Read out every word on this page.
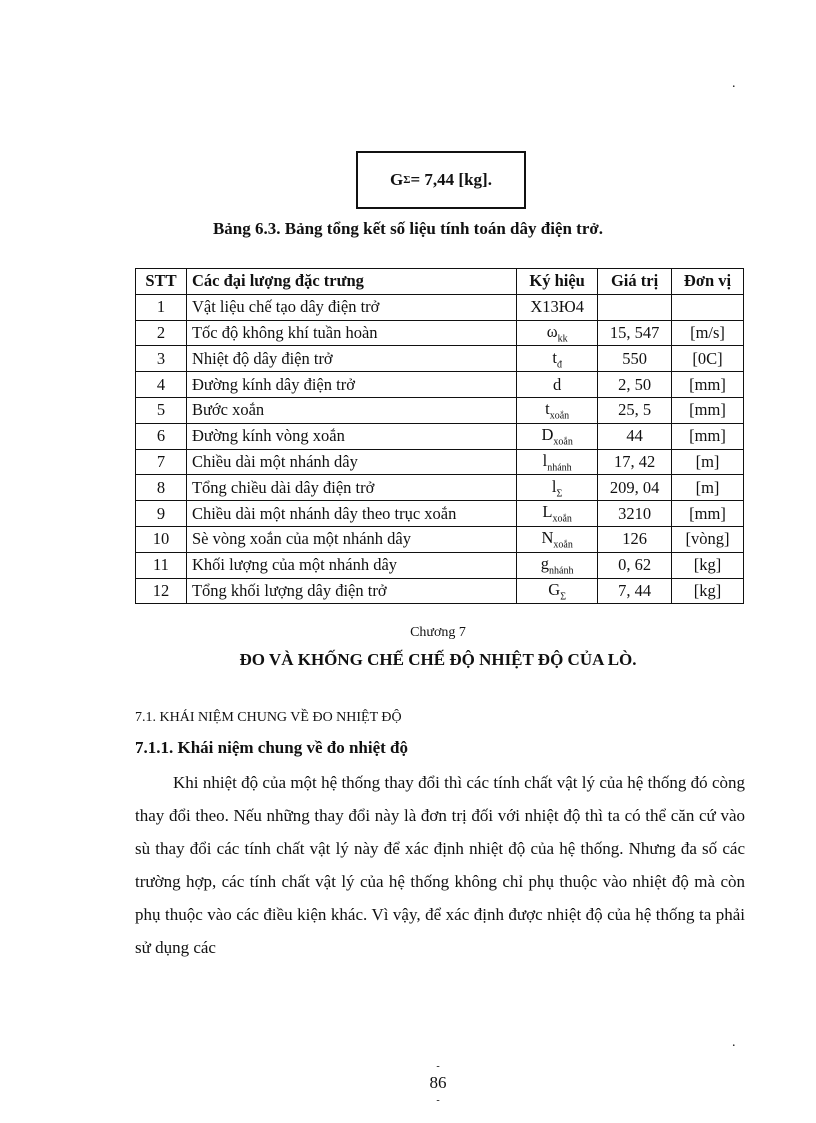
.
G Σ = 7,44 [kg].
Bảng 6.3. Bảng tổng kết số liệu tính toán dây điện trở.
STT	Các đại lượng đặc trưng	Ký hiệu	Giá trị	Đơn vị
1	Vật liệu chế tạo dây điện trở	X13Ю4		
2	Tốc độ không khí tuần hoàn	$\omega_{kk}$	15, 547	[m/s]
3	Nhiệt độ dây điện trở	$t_đ$	550	[0C]
4	Đường kính dây điện trở	d	2, 50	[mm]
5	Bước xoắn	$t_{xoắn}$	25, 5	[mm]
6	Đường kính vòng xoắn	$D_{xoắn}$	44	[mm]
7	Chiều dài một nhánh dây	$l_{nhánh}$	17, 42	[m]
8	Tổng chiều dài dây điện trở	$l_\Sigma$	209, 04	[m]
9	Chiều dài một nhánh dây theo trục xoắn	$L_{xoắn}$	3210	[mm]
10	Sè vòng xoắn của một nhánh dây	$N_{xoắn}$	126	[vòng]
11	Khối lượng của một nhánh dây	$g_{nhánh}$	0, 62	[kg]
12	Tổng khối lượng dây điện trở	$G_\Sigma$	7, 44	[kg]
Chương 7
ĐO VÀ KHỐNG CHẾ CHẾ ĐỘ NHIỆT ĐỘ CỦA LÒ.
7.1. KHÁI NIỆM CHUNG VỀ ĐO NHIỆT ĐỘ
7.1.1. Khái niệm chung về đo nhiệt độ

Khi nhiệt độ của một hệ thống thay đổi thì các tính chất vật lý của hệ thống đó còng thay đổi theo. Nếu những thay đổi này là đơn trị đối với nhiệt độ thì ta có thể căn cứ vào sù thay đổi các tính chất vật lý này để xác định nhiệt độ của hệ thống. Nhưng đa số các trường hợp, các tính chất vật lý của hệ thống không chỉ phụ thuộc vào nhiệt độ mà còn phụ thuộc vào các điều kiện khác. Vì vậy, để xác định được nhiệt độ của hệ thống ta phải sử dụng các

.
-
86
-
